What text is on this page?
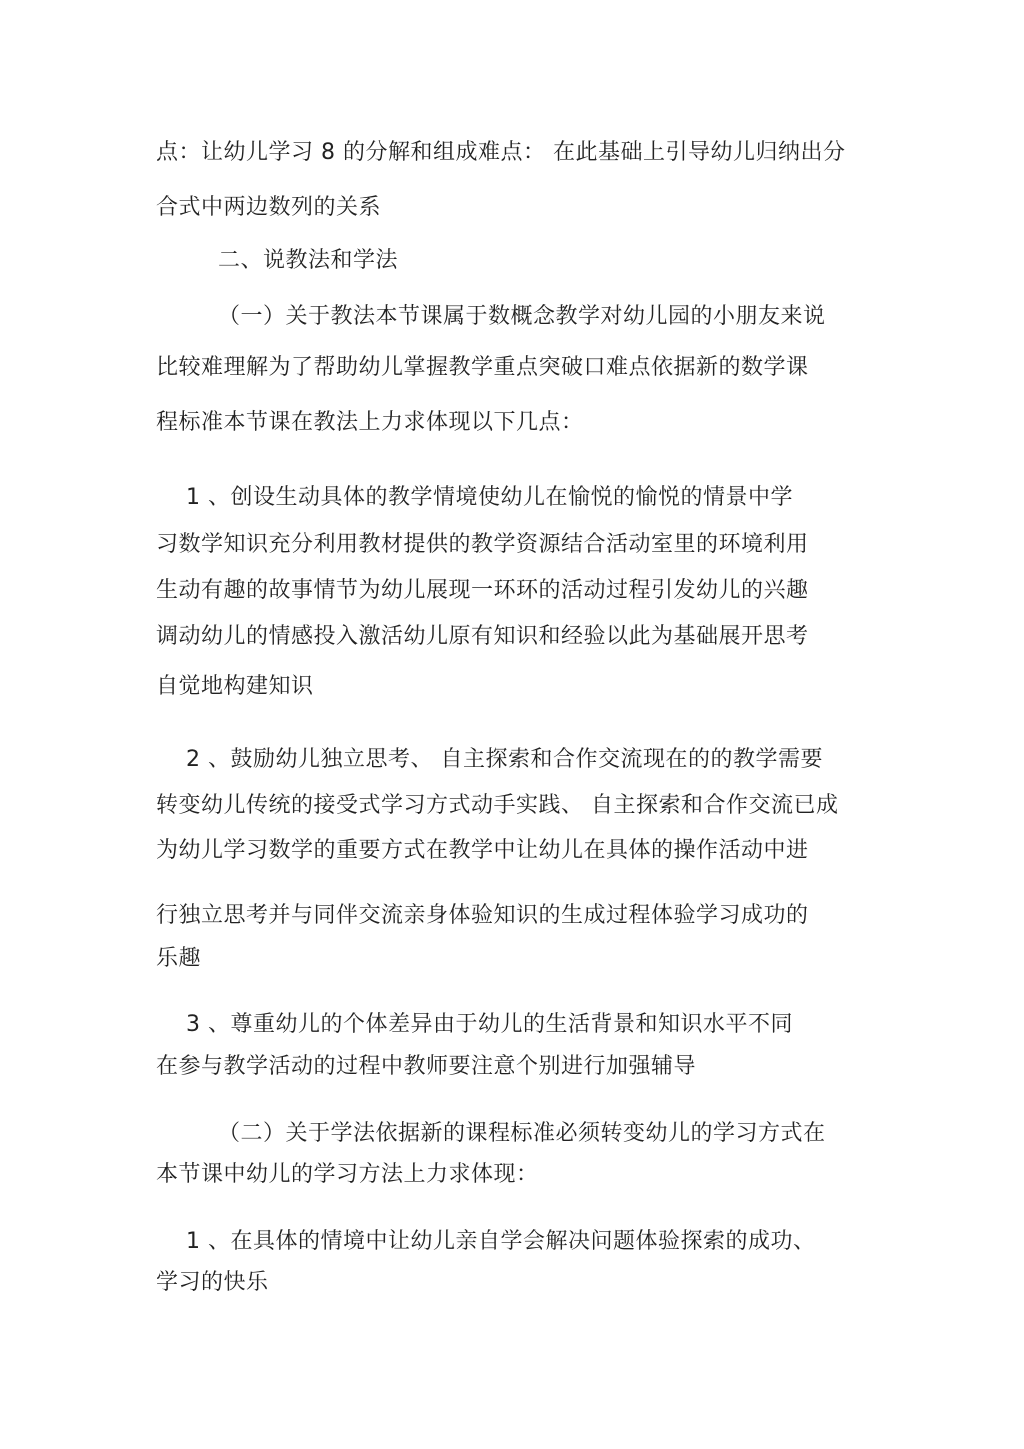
点：让幼儿学习 8 的分解和组成难点： 在此基础上引导幼儿归纳出分
合式中两边数列的关系
二、说教法和学法
（一）关于教法本节课属于数概念教学对幼儿园的小朋友来说
比较难理解为了帮助幼儿掌握教学重点突破口难点依据新的数学课
程标准本节课在教法上力求体现以下几点：
1 、创设生动具体的教学情境使幼儿在愉悦的愉悦的情景中学
习数学知识充分利用教材提供的教学资源结合活动室里的环境利用
生动有趣的故事情节为幼儿展现一环环的活动过程引发幼儿的兴趣
调动幼儿的情感投入激活幼儿原有知识和经验以此为基础展开思考
自觉地构建知识
2 、鼓励幼儿独立思考、 自主探索和合作交流现在的的教学需要
转变幼儿传统的接受式学习方式动手实践、 自主探索和合作交流已成
为幼儿学习数学的重要方式在教学中让幼儿在具体的操作活动中进
行独立思考并与同伴交流亲身体验知识的生成过程体验学习成功的
乐趣
3 、尊重幼儿的个体差异由于幼儿的生活背景和知识水平不同
在参与教学活动的过程中教师要注意个别进行加强辅导
（二）关于学法依据新的课程标准必须转变幼儿的学习方式在
本节课中幼儿的学习方法上力求体现：
1 、在具体的情境中让幼儿亲自学会解决问题体验探索的成功、
学习的快乐
